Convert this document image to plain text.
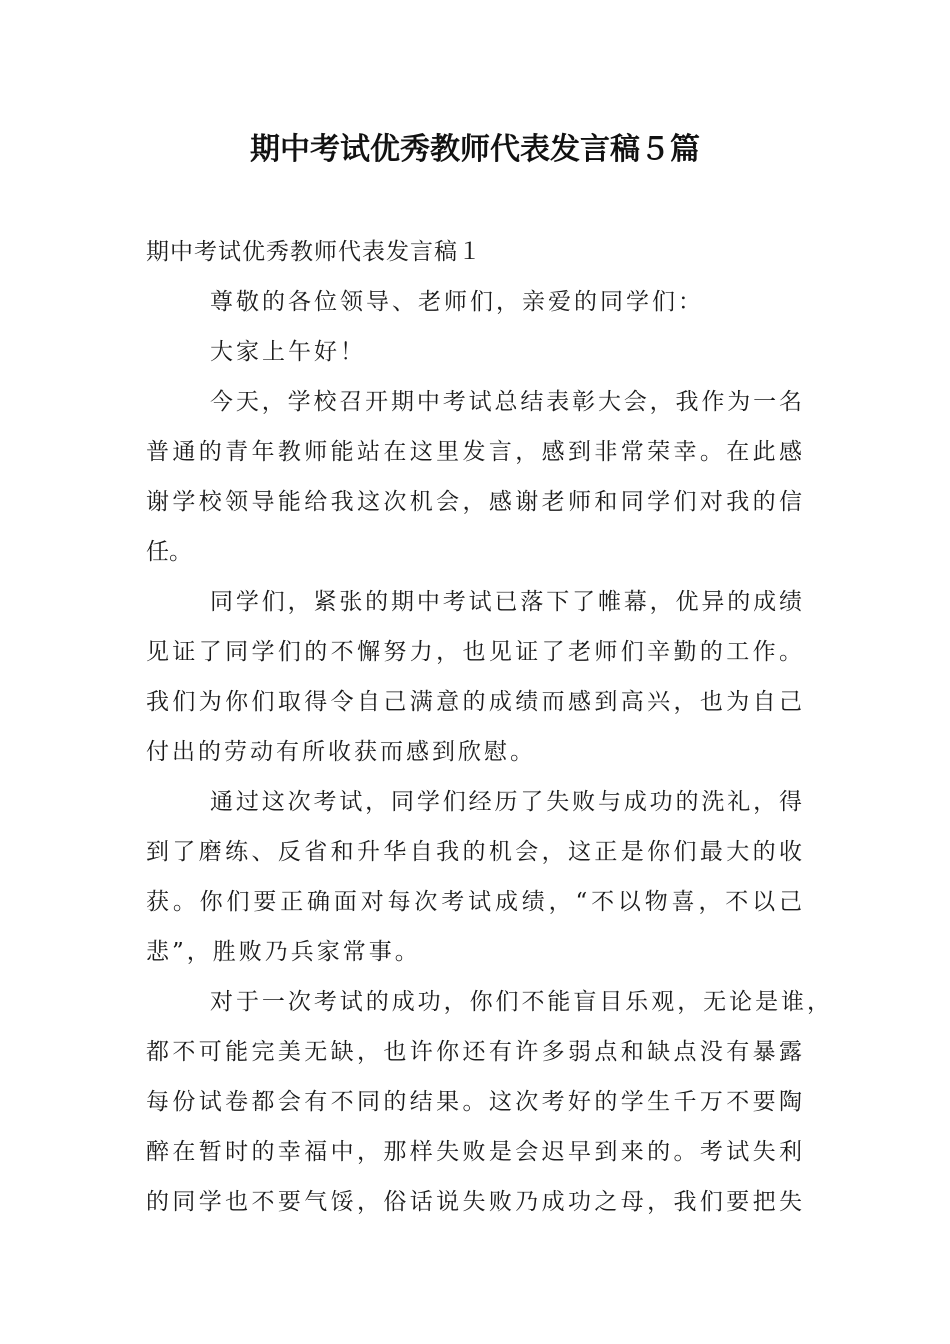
期中考试优秀教师代表发言稿５篇
期中考试优秀教师代表发言稿１
尊敬的各位领导、老师们，亲爱的同学们：
大家上午好！
今天，学校召开期中考试总结表彰大会，我作为一名
普通的青年教师能站在这里发言，感到非常荣幸。在此感
谢学校领导能给我这次机会，感谢老师和同学们对我的信
任。
同学们，紧张的期中考试已落下了帷幕，优异的成绩
见证了同学们的不懈努力，也见证了老师们辛勤的工作。
我们为你们取得令自己满意的成绩而感到高兴，也为自己
付出的劳动有所收获而感到欣慰。
通过这次考试，同学们经历了失败与成功的洗礼，得
到了磨练、反省和升华自我的机会，这正是你们最大的收
获。你们要正确面对每次考试成绩，“不以物喜，不以己
悲”，胜败乃兵家常事。
对于一次考试的成功，你们不能盲目乐观，无论是谁，
都不可能完美无缺，也许你还有许多弱点和缺点没有暴露
每份试卷都会有不同的结果。这次考好的学生千万不要陶
醉在暂时的幸福中，那样失败是会迟早到来的。考试失利
的同学也不要气馁，俗话说失败乃成功之母，我们要把失
